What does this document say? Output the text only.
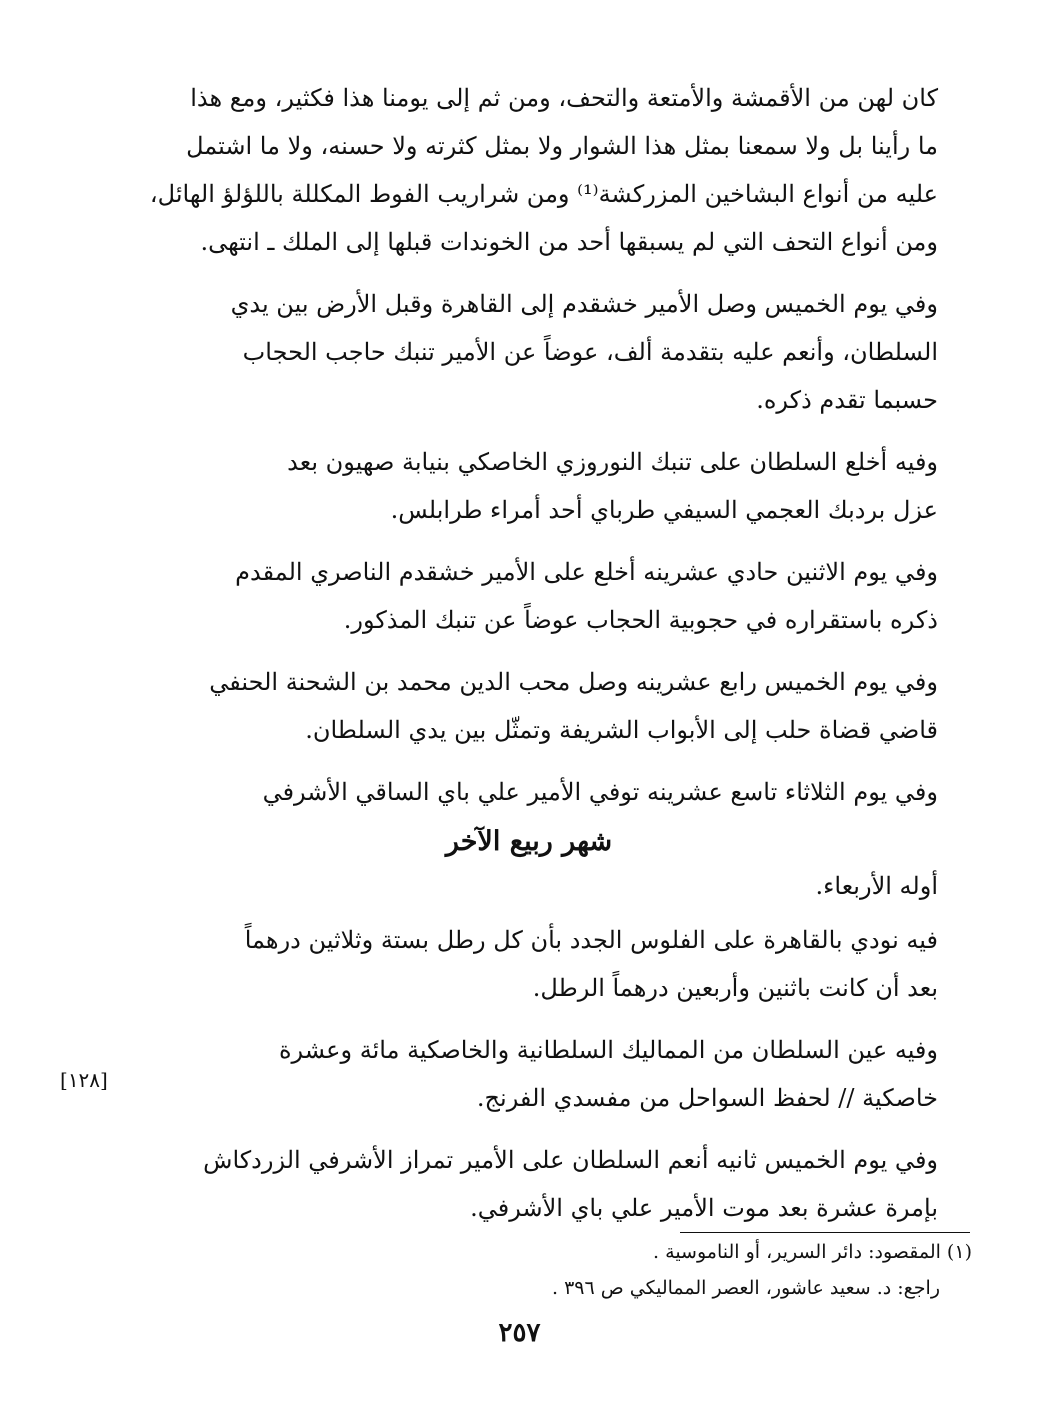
كان لهن من الأقمشة والأمتعة والتحف، ومن ثم إلى يومنا هذا فكثير، ومع هذا
ما رأينا بل ولا سمعنا بمثل هذا الشوار ولا بمثل كثرته ولا حسنه، ولا ما اشتمل
عليه من أنواع البشاخين المزركشة⁽¹⁾ ومن شراريب الفوط المكللة باللؤلؤ الهائل،
ومن أنواع التحف التي لم يسبقها أحد من الخوندات قبلها إلى الملك ـ انتهى.

وفي يوم الخميس وصل الأمير خشقدم إلى القاهرة وقبل الأرض بين يدي
السلطان، وأنعم عليه بتقدمة ألف، عوضاً عن الأمير تنبك حاجب الحجاب
حسبما تقدم ذكره.

وفيه أخلع السلطان على تنبك النوروزي الخاصكي بنيابة صهيون بعد
عزل بردبك العجمي السيفي طرباي أحد أمراء طرابلس.

وفي يوم الاثنين حادي عشرينه أخلع على الأمير خشقدم الناصري المقدم
ذكره باستقراره في حجوبية الحجاب عوضاً عن تنبك المذكور.

وفي يوم الخميس رابع عشرينه وصل محب الدين محمد بن الشحنة الحنفي
قاضي قضاة حلب إلى الأبواب الشريفة وتمثّل بين يدي السلطان.

وفي يوم الثلاثاء تاسع عشرينه توفي الأمير علي باي الساقي الأشرفي

شهر ربيع الآخر

أوله الأربعاء.

فيه نودي بالقاهرة على الفلوس الجدد بأن كل رطل بستة وثلاثين درهماً
بعد أن كانت باثنين وأربعين درهماً الرطل.

وفيه عين السلطان من المماليك السلطانية والخاصكية مائة وعشرة
خاصكية // لحفظ السواحل من مفسدي الفرنج.

وفي يوم الخميس ثانيه أنعم السلطان على الأمير تمراز الأشرفي الزردكاش
بإمرة عشرة بعد موت الأمير علي باي الأشرفي.

[١٢٨]
(١) المقصود: دائر السرير، أو الناموسية .
راجع: د. سعيد عاشور، العصر المماليكي ص ٣٩٦ .
٢٥٧
